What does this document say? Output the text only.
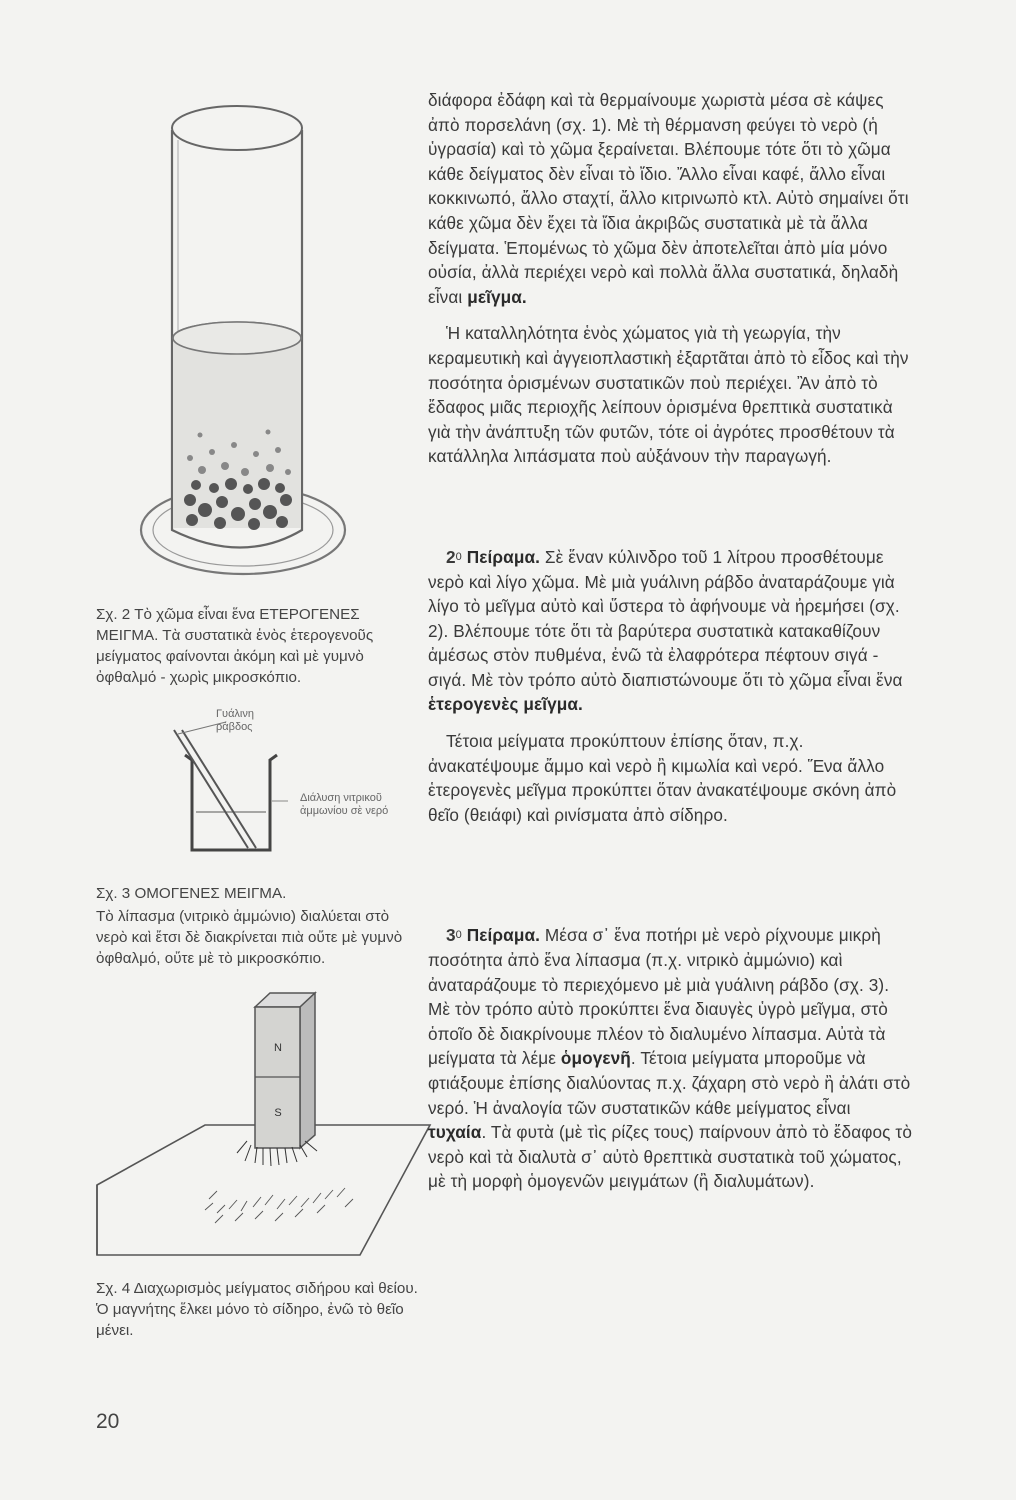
Σχ. 2 Τὸ χῶμα εἶναι ἕνα ΕΤΕΡΟΓΕΝΕΣ ΜΕΙΓΜΑ. Τὰ συστατικὰ ἑνὸς ἑτερογενοῦς μείγματος φαίνονται ἀκόμη καὶ μὲ γυμνὸ ὀφθαλμό - χωρὶς μικροσκόπιο.
Γυάλινη ράβδος
Διάλυση νιτρικοῦ ἀμμωνίου σὲ νερό
Σχ. 3 ΟΜΟΓΕΝΕΣ ΜΕΙΓΜΑ.
Τὸ λίπασμα (νιτρικὸ ἀμμώνιο) διαλύεται στὸ νερὸ καὶ ἔτσι δὲ διακρίνεται πιὰ οὔτε μὲ γυμνὸ ὀφθαλμό, οὔτε μὲ τὸ μικροσκόπιο.
N
S
Σχ. 4 Διαχωρισμὸς μείγματος σιδήρου καὶ θείου. Ὁ μαγνήτης ἕλκει μόνο τὸ σίδηρο, ἐνῶ τὸ θεῖο μένει.

διάφορα ἐδάφη καὶ τὰ θερμαίνουμε χωριστὰ μέσα σὲ κάψες ἀπὸ πορσελάνη (σχ. 1). Μὲ τὴ θέρμανση φεύγει τὸ νερὸ (ἡ ὑγρασία) καὶ τὸ χῶμα ξεραίνεται. Βλέπουμε τότε ὅτι τὸ χῶμα κάθε δείγματος δὲν εἶναι τὸ ἴδιο. Ἄλλο εἶναι καφέ, ἄλλο εἶναι κοκκινωπό, ἄλλο σταχτί, ἄλλο κιτρινωπὸ κτλ. Αὐτὸ σημαίνει ὅτι κάθε χῶμα δὲν ἔχει τὰ ἴδια ἀκριβῶς συστατικὰ μὲ τὰ ἄλλα δείγματα. Ἑπομένως τὸ χῶμα δὲν ἀποτελεῖται ἀπὸ μία μόνο οὐσία, ἀλλὰ περιέχει νερὸ καὶ πολλὰ ἄλλα συστατικά, δηλαδὴ εἶναι μεῖγμα.

Ἡ καταλληλότητα ἑνὸς χώματος γιὰ τὴ γεωργία, τὴν κεραμευτικὴ καὶ ἀγγειοπλαστικὴ ἐξαρτᾶται ἀπὸ τὸ εἶδος καὶ τὴν ποσότητα ὁρισμένων συστατικῶν ποὺ περιέχει. Ἂν ἀπὸ τὸ ἔδαφος μιᾶς περιοχῆς λείπουν ὁρισμένα θρεπτικὰ συστατικὰ γιὰ τὴν ἀνάπτυξη τῶν φυτῶν, τότε οἱ ἀγρότες προσθέτουν τὰ κατάλληλα λιπάσματα ποὺ αὐξάνουν τὴν παραγωγή.

$2^0$ Πείραμα. Σὲ ἕναν κύλινδρο τοῦ 1 λίτρου προσθέτουμε νερὸ καὶ λίγο χῶμα. Μὲ μιὰ γυάλινη ράβδο ἀναταράζουμε γιὰ λίγο τὸ μεῖγμα αὐτὸ καὶ ὕστερα τὸ ἀφήνουμε νὰ ἠρεμήσει (σχ. 2). Βλέπουμε τότε ὅτι τὰ βαρύτερα συστατικὰ κατακαθίζουν ἀμέσως στὸν πυθμένα, ἐνῶ τὰ ἐλαφρότερα πέφτουν σιγά - σιγά. Μὲ τὸν τρόπο αὐτὸ διαπιστώνουμε ὅτι τὸ χῶμα εἶναι ἕνα ἑτερογενὲς μεῖγμα.

Τέτοια μείγματα προκύπτουν ἐπίσης ὅταν, π.χ. ἀνακατέψουμε ἄμμο καὶ νερὸ ἢ κιμωλία καὶ νερό. Ἕνα ἄλλο ἑτερογενὲς μεῖγμα προκύπτει ὅταν ἀνακατέψουμε σκόνη ἀπὸ θεῖο (θειάφι) καὶ ρινίσματα ἀπὸ σίδηρο.

$3^0$ Πείραμα. Μέσα σ᾽ ἕνα ποτήρι μὲ νερὸ ρίχνουμε μικρὴ ποσότητα ἀπὸ ἕνα λίπασμα (π.χ. νιτρικὸ ἀμμώνιο) καὶ ἀναταράζουμε τὸ περιεχόμενο μὲ μιὰ γυάλινη ράβδο (σχ. 3). Μὲ τὸν τρόπο αὐτὸ προκύπτει ἕνα διαυγὲς ὑγρὸ μεῖγμα, στὸ ὁποῖο δὲ διακρίνουμε πλέον τὸ διαλυμένο λίπασμα. Αὐτὰ τὰ μείγματα τὰ λέμε ὁμογενῆ. Τέτοια μείγματα μποροῦμε νὰ φτιάξουμε ἐπίσης διαλύοντας π.χ. ζάχαρη στὸ νερὸ ἢ ἁλάτι στὸ νερό. Ἡ ἀναλογία τῶν συστατικῶν κάθε μείγματος εἶναι τυχαία. Τὰ φυτὰ (μὲ τὶς ρίζες τους) παίρνουν ἀπὸ τὸ ἔδαφος τὸ νερὸ καὶ τὰ διαλυτὰ σ᾽ αὐτὸ θρεπτικὰ συστατικὰ τοῦ χώματος, μὲ τὴ μορφὴ ὁμογενῶν μειγμάτων (ἢ διαλυμάτων).

20
